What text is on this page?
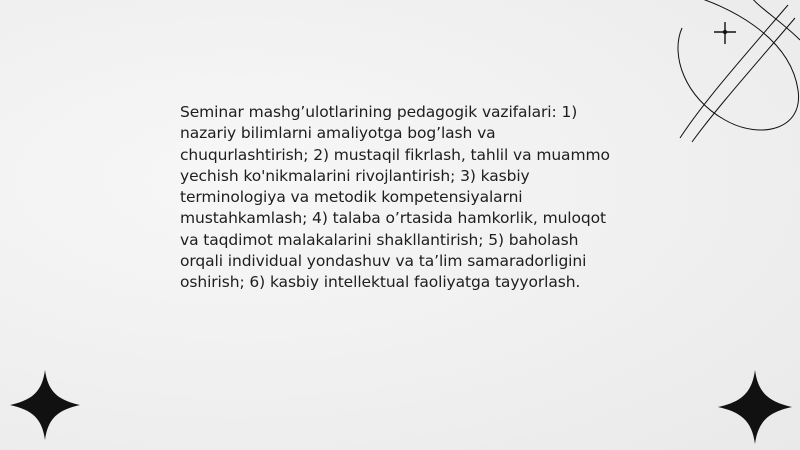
Seminar mashg’ulotlarining pedagogik vazifalari: 1) nazariy bilimlarni amaliyotga bog’lash va chuqurlashtirish; 2) mustaqil fikrlash, tahlil va muammo yechish ko'nikmalarini rivojlantirish; 3) kasbiy terminologiya va metodik kompetensiyalarni mustahkamlash; 4) talaba o’rtasida hamkorlik, muloqot va taqdimot malakalarini shakllantirish; 5) baholash orqali individual yondashuv va ta’lim samaradorligini oshirish; 6) kasbiy intellektual faoliyatga tayyorlash.
